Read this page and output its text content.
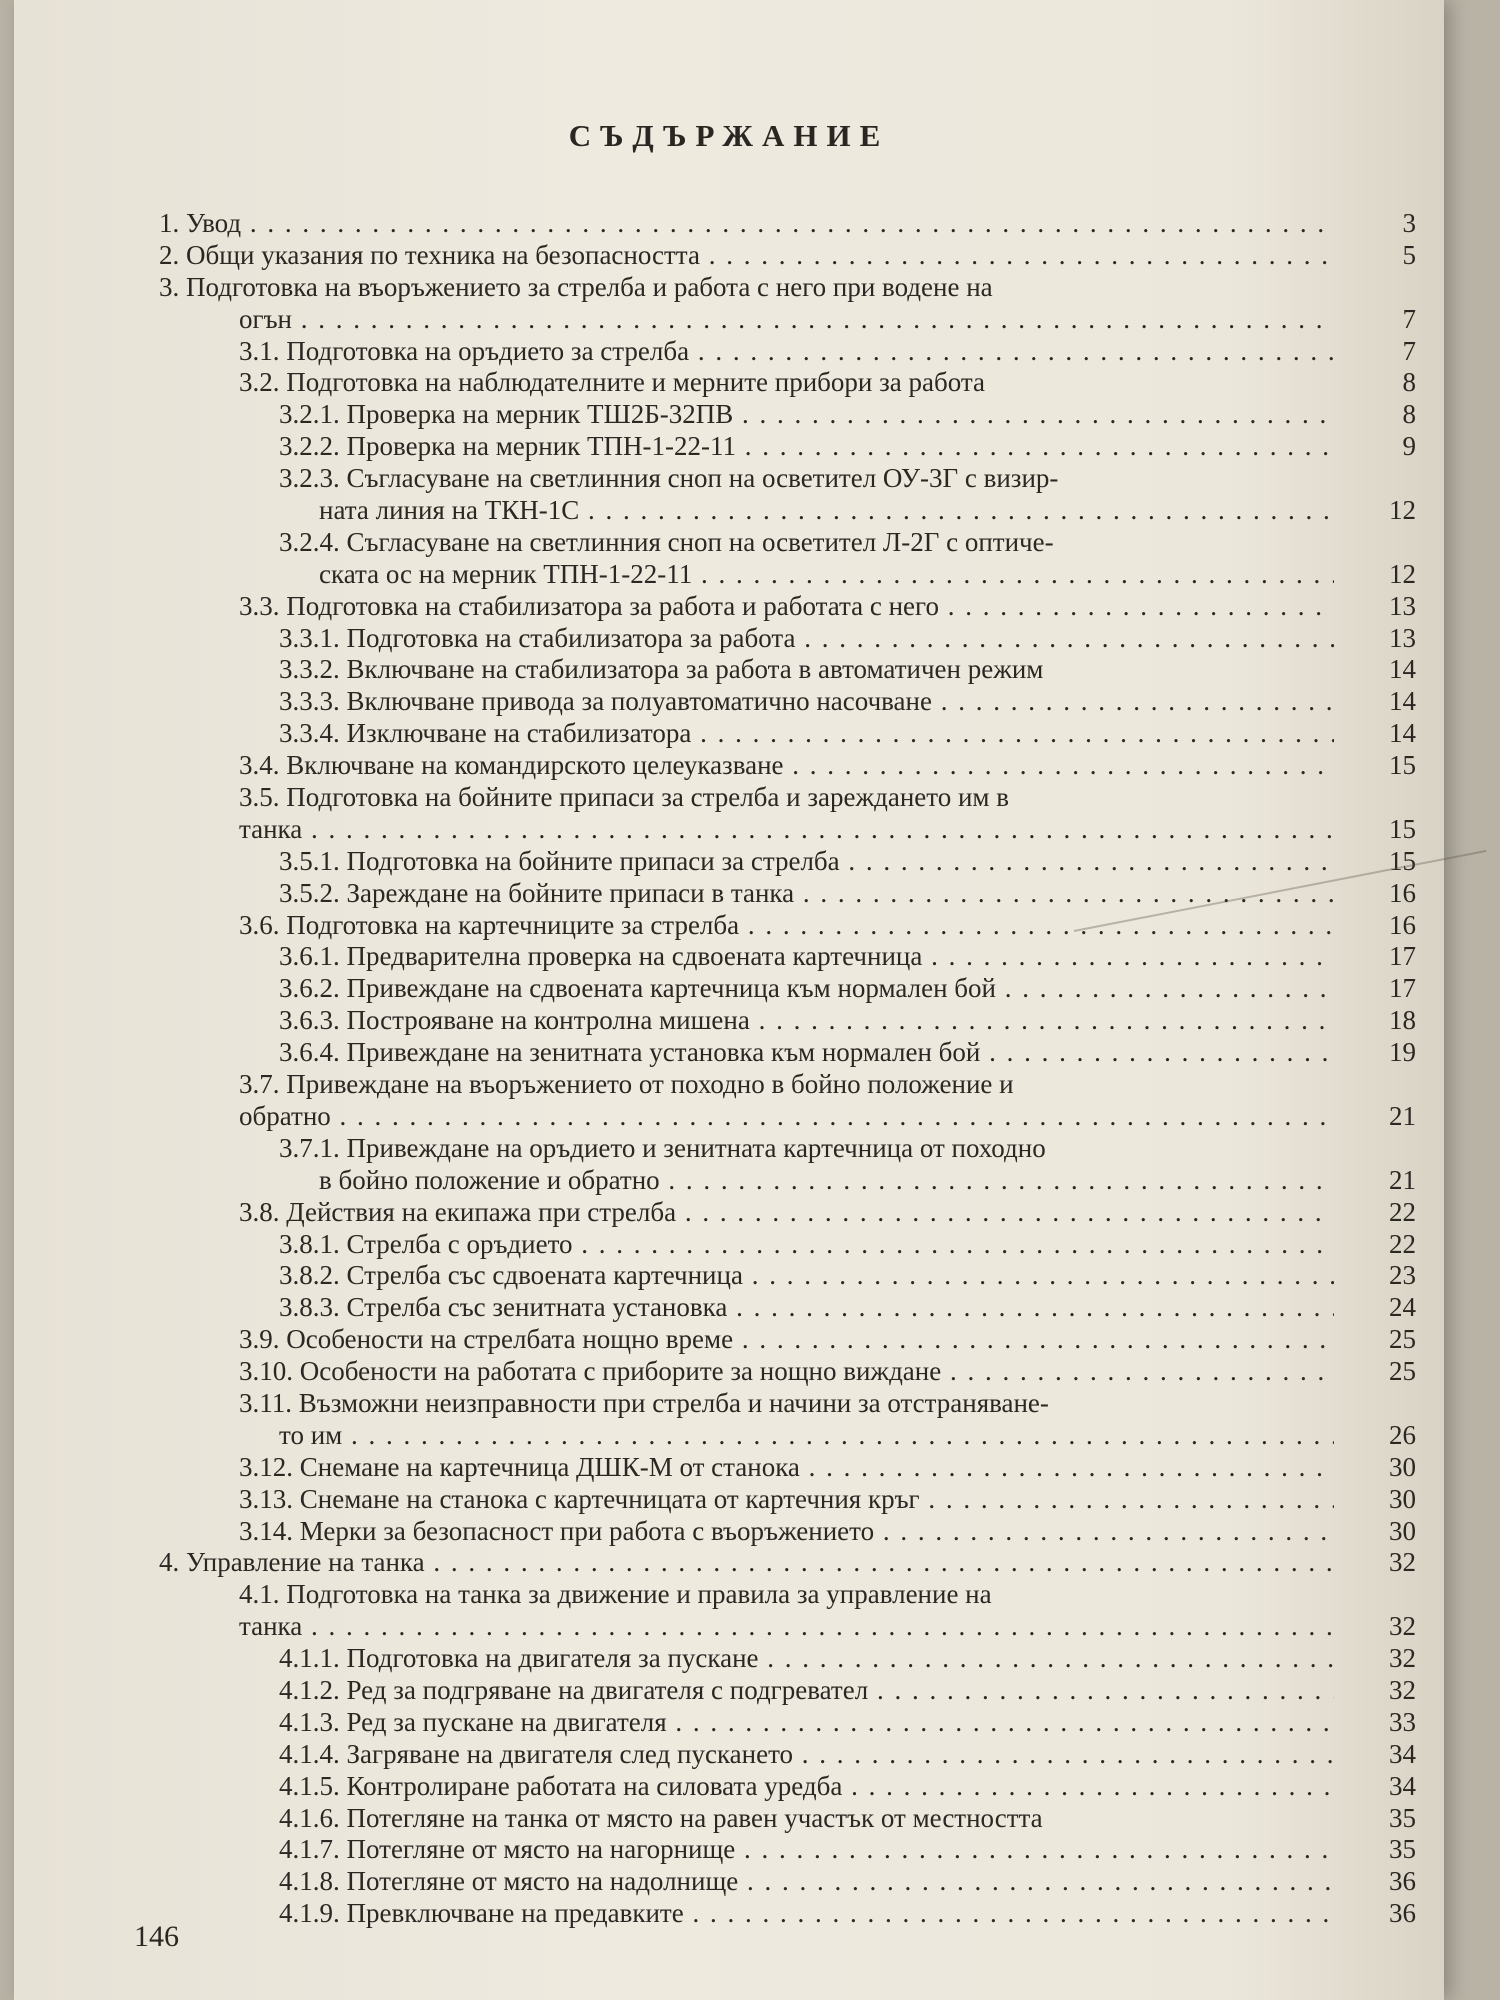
СЪДЪРЖАНИЕ
1. Увод . . .	3
2. Общи указания по техника на безопасността . . .	5
3. Подготовка на въоръжението за стрелба и работа с него при водене на
огън . . .	7
3.1. Подготовка на оръдието за стрелба . . .	7
3.2. Подготовка на наблюдателните и мерните прибори за работа	8
3.2.1. Проверка на мерник ТШ2Б-32ПВ . . .	8
3.2.2. Проверка на мерник ТПН-1-22-11 . . .	9
3.2.3. Съгласуване на светлинния сноп на осветител ОУ-3Г с визир-
ната линия на ТКН-1С . . .	12
3.2.4. Съгласуване на светлинния сноп на осветител Л-2Г с оптиче-
ската ос на мерник ТПН-1-22-11 . . .	12
3.3. Подготовка на стабилизатора за работа и работата с него . . .	13
3.3.1. Подготовка на стабилизатора за работа . . .	13
3.3.2. Включване на стабилизатора за работа в автоматичен режим	14
3.3.3. Включване привода за полуавтоматично насочване . . .	14
3.3.4. Изключване на стабилизатора . . .	14
3.4. Включване на командирското целеуказване . . .	15
3.5. Подготовка на бойните припаси за стрелба и зареждането им в
танка . . .	15
3.5.1. Подготовка на бойните припаси за стрелба . . .	15
3.5.2. Зареждане на бойните припаси в танка . . .	16
3.6. Подготовка на картечниците за стрелба . . .	16
3.6.1. Предварителна проверка на сдвоената картечница . . .	17
3.6.2. Привеждане на сдвоената картечница към нормален бой . . .	17
3.6.3. Построяване на контролна мишена . . .	18
3.6.4. Привеждане на зенитната установка към нормален бой . . .	19
3.7. Привеждане на въоръжението от походно в бойно положение и
обратно . . .	21
3.7.1. Привеждане на оръдието и зенитната картечница от походно
в бойно положение и обратно . . .	21
3.8. Действия на екипажа при стрелба . . .	22
3.8.1. Стрелба с оръдието . . .	22
3.8.2. Стрелба със сдвоената картечница . . .	23
3.8.3. Стрелба със зенитната установка . . .	24
3.9. Особености на стрелбата нощно време . . .	25
3.10. Особености на работата с приборите за нощно виждане . . .	25
3.11. Възможни неизправности при стрелба и начини за отстраняване-
то им . . .	26
3.12. Снемане на картечница ДШК-М от станока . . .	30
3.13. Снемане на станока с картечницата от картечния кръг . . .	30
3.14. Мерки за безопасност при работа с въоръжението . . .	30
4. Управление на танка . . .	32
4.1. Подготовка на танка за движение и правила за управление на
танка . . .	32
4.1.1. Подготовка на двигателя за пускане . . .	32
4.1.2. Ред за подгряване на двигателя с подгревател . . .	32
4.1.3. Ред за пускане на двигателя . . .	33
4.1.4. Загряване на двигателя след пускането . . .	34
4.1.5. Контролиране работата на силовата уредба . . .	34
4.1.6. Потегляне на танка от място на равен участък от местността	35
4.1.7. Потегляне от място на нагорнище . . .	35
4.1.8. Потегляне от място на надолнище . . .	36
4.1.9. Превключване на предавките . . .	36
146
